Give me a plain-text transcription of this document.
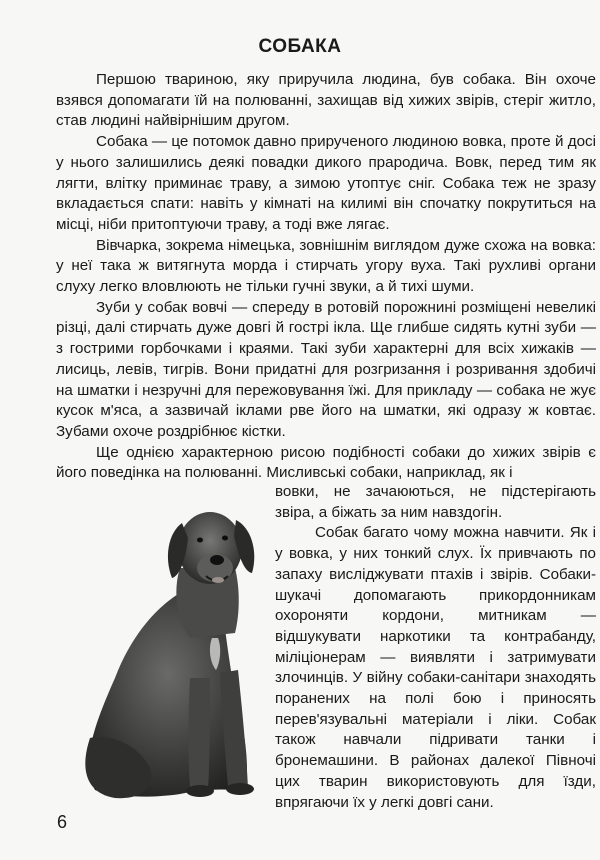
СОБАКА

Першою твариною, яку приручила людина, був собака. Він охоче взявся допомагати їй на полюванні, захищав від хижих звірів, стеріг житло, став людині найвірнішим другом.

Собака — це потомок давно прирученого людиною вовка, проте й досі у нього залишились деякі повадки дикого прародича. Вовк, перед тим як лягти, влітку приминає траву, а зимою утоптує сніг. Собака теж не зразу вкладається спати: навіть у кімнаті на килимі він спочатку покрутиться на місці, ніби притоптуючи траву, а тоді вже лягає.

Вівчарка, зокрема німецька, зовнішнім виглядом дуже схожа на вовка: у неї така ж витягнута морда і стирчать угору вуха. Такі рухливі органи слуху легко вловлюють не тільки гучні звуки, а й тихі шуми.

Зуби у собак вовчі — спереду в ротовій порожнині розміщені невеликі різці, далі стирчать дуже довгі й гострі ікла. Ще глибше сидять кутні зуби — з гострими горбочками і краями. Такі зуби характерні для всіх хижаків — лисиць, левів, тигрів. Вони придатні для розгризання і розривання здобичі на шматки і незручні для пережовування їжі. Для прикладу — собака не жує кусок м'яса, а зазвичай іклами рве його на шматки, які одразу ж ковтає. Зубами охоче роздрібнює кістки.

Ще однією характерною рисою подібності собаки до хижих звірів є його поведінка на полюванні. Мисливські собаки, наприклад, як і

вовки, не зачаюються, не підстерігають звіра, а біжать за ним навздогін.

Собак багато чому можна навчити. Як і у вовка, у них тонкий слух. Їх привчають по запаху висліджувати птахів і звірів. Собаки-шукачі допомагають прикордонникам охороняти кордони, митникам — відшукувати наркотики та контрабанду, міліціонерам — виявляти і затримувати злочинців. У війну собаки-санітари знаходять поранених на полі бою і приносять перев'язувальні матеріали і ліки. Собак також навчали підривати танки і бронемашини. В районах далекої Півночі цих тварин використовують для їзди, впрягаючи їх у легкі довгі сани.

6
